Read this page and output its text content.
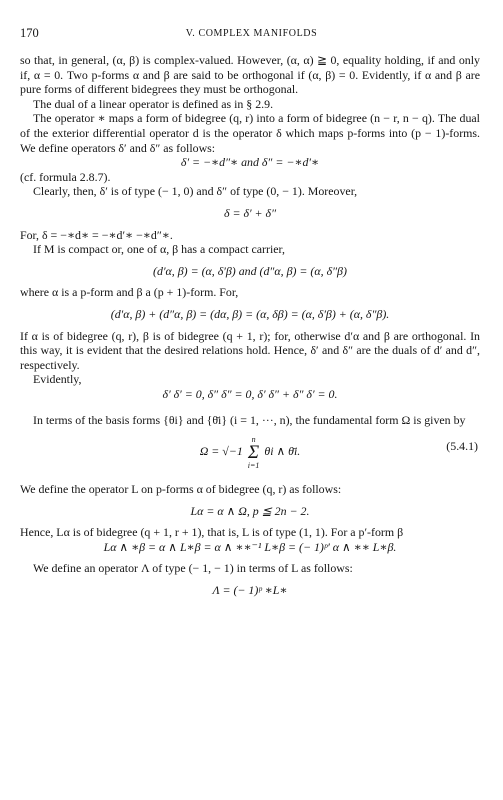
170	V. COMPLEX MANIFOLDS

so that, in general, (α, β) is complex-valued. However, (α, α) ≧ 0, equality holding, if and only if, α = 0. Two p-forms α and β are said to be orthogonal if (α, β) = 0. Evidently, if α and β are pure forms of different bidegrees they must be orthogonal.

The dual of a linear operator is defined as in § 2.9.

The operator ∗ maps a form of bidegree (q, r) into a form of bidegree (n − r, n − q). The dual of the exterior differential operator d is the operator δ which maps p-forms into (p − 1)-forms. We define operators δ′ and δ″ as follows:

δ′ = −∗d″∗ and δ″ = −∗d′∗

(cf. formula 2.8.7).

Clearly, then, δ′ is of type (− 1, 0) and δ″ of type (0, − 1). Moreover,

δ = δ′ + δ″

For, δ = −∗d∗ = −∗d′∗ −∗d″∗.

If M is compact or, one of α, β has a compact carrier,

(d′α, β) = (α, δ′β) and (d″α, β) = (α, δ″β)

where α is a p-form and β a (p + 1)-form. For,

(d′α, β) + (d″α, β) = (dα, β) = (α, δβ) = (α, δ′β) + (α, δ″β).

If α is of bidegree (q, r), β is of bidegree (q + 1, r); for, otherwise d′α and β are orthogonal. In this way, it is evident that the desired relations hold. Hence, δ′ and δ″ are the duals of d′ and d″, respectively.

Evidently,

δ′ δ′ = 0, δ″ δ″ = 0, δ′ δ″ + δ″ δ′ = 0.

In terms of the basis forms {θi} and {θ̄i} (i = 1, ···, n), the fundamental form Ω is given by

Ω = √−1 n
Σ
i=1 θi ∧ θ̄i.	(5.4.1)

We define the operator L on p-forms α of bidegree (q, r) as follows:

Lα = α ∧ Ω, p ≦ 2n − 2.

Hence, Lα is of bidegree (q + 1, r + 1), that is, L is of type (1, 1). For a p′-form β

Lα ∧ ∗β = α ∧ L∗β = α ∧ ∗∗⁻¹ L∗β = (− 1)ᵖ′ α ∧ ∗∗ L∗β.

We define an operator Λ of type (− 1, − 1) in terms of L as follows:

Λ = (− 1)ᵖ ∗L∗
